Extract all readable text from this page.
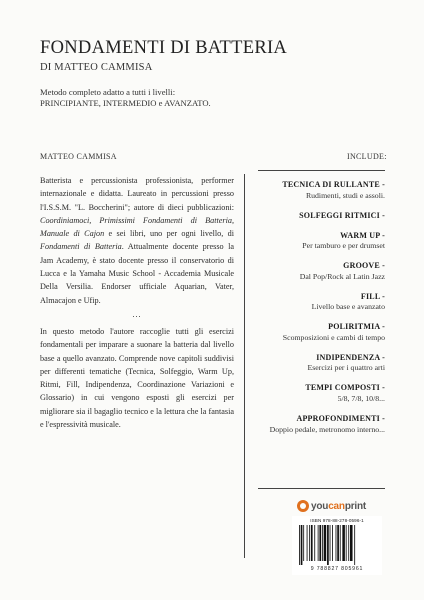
FONDAMENTI DI BATTERIA
DI MATTEO CAMMISA
Metodo completo adatto a tutti i livelli:
PRINCIPIANTE, INTERMEDIO e AVANZATO.
MATTEO CAMMISA	INCLUDE:

Batterista e percussionista professionista, performer internazionale e didatta. Laureato in percussioni presso l'I.S.S.M. "L. Boccherini"; autore di dieci pubblicazioni: Coordiniamoci, Primissimi Fondamenti di Batteria, Manuale di Cajon e sei libri, uno per ogni livello, di Fondamenti di Batteria. Attualmente docente presso la Jam Academy, è stato docente presso il conservatorio di Lucca e la Yamaha Music School - Accademia Musicale Della Versilia. Endorser ufficiale Aquarian, Vater, Almacajon e Ufip.

...

In questo metodo l'autore raccoglie tutti gli esercizi fondamentali per imparare a suonare la batteria dal livello base a quello avanzato. Comprende nove capitoli suddivisi per differenti tematiche (Tecnica, Solfeggio, Warm Up, Ritmi, Fill, Indipendenza, Coordinazione Variazioni e Glossario) in cui vengono esposti gli esercizi per migliorare sia il bagaglio tecnico e la lettura che la fantasia e l'espressività musicale.

TECNICA DI RULLANTE -
Rudimenti, studi e assoli.
SOLFEGGI RITMICI -
WARM UP -
Per tamburo e per drumset
GROOVE -
Dal Pop/Rock al Latin Jazz
FILL -
Livello base e avanzato
POLIRITMIA -
Scomposizioni e cambi di tempo
INDIPENDENZA -
Esercizi per i quattro arti
TEMPI COMPOSTI -
5/8, 7/8, 10/8...
APPROFONDIMENTI -
Doppio pedale, metronomo interno...
youcanprint
ISBN 978-88-278-0596-1
9 788827 805961
